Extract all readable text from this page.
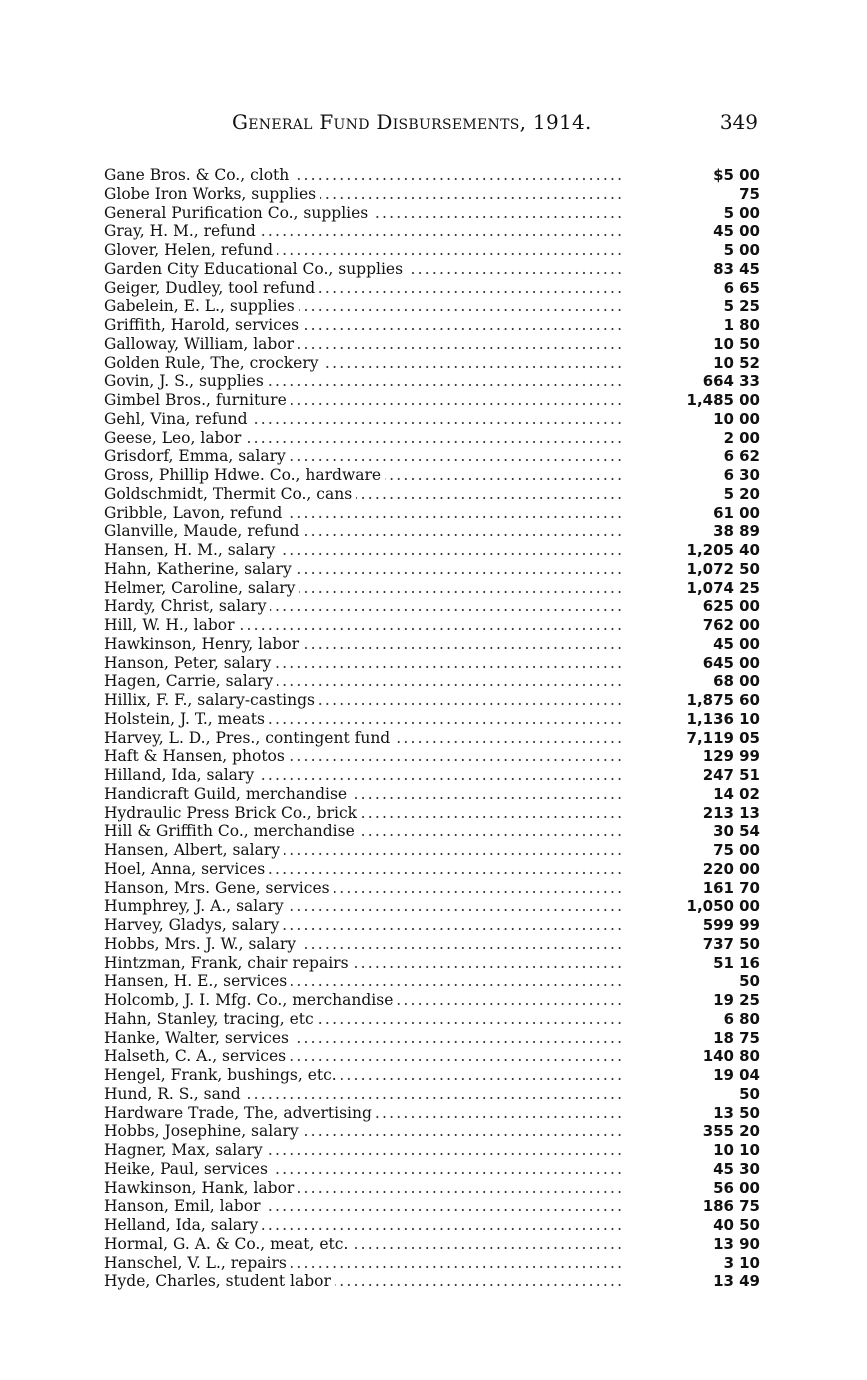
General Fund Disbursements, 1914.	349
Gane Bros. & Co., cloth .....	$5 00
Globe Iron Works, supplies .....	75
General Purification Co., supplies .....	5 00
Gray, H. M., refund .....	45 00
Glover, Helen, refund .....	5 00
Garden City Educational Co., supplies .....	83 45
Geiger, Dudley, tool refund .....	6 65
Gabelein, E. L., supplies .....	5 25
Griffith, Harold, services .....	1 80
Galloway, William, labor .....	10 50
Golden Rule, The, crockery .....	10 52
Govin, J. S., supplies .....	664 33
Gimbel Bros., furniture .....	1,485 00
Gehl, Vina, refund .....	10 00
Geese, Leo, labor .....	2 00
Grisdorf, Emma, salary .....	6 62
Gross, Phillip Hdwe. Co., hardware .....	6 30
Goldschmidt, Thermit Co., cans .....	5 20
Gribble, Lavon, refund .....	61 00
Glanville, Maude, refund .....	38 89
Hansen, H. M., salary .....	1,205 40
Hahn, Katherine, salary .....	1,072 50
Helmer, Caroline, salary .....	1,074 25
Hardy, Christ, salary .....	625 00
Hill, W. H., labor .....	762 00
Hawkinson, Henry, labor .....	45 00
Hanson, Peter, salary .....	645 00
Hagen, Carrie, salary .....	68 00
Hillix, F. F., salary-castings .....	1,875 60
Holstein, J. T., meats .....	1,136 10
Harvey, L. D., Pres., contingent fund .....	7,119 05
Haft & Hansen, photos .....	129 99
Hilland, Ida, salary .....	247 51
Handicraft Guild, merchandise .....	14 02
Hydraulic Press Brick Co., brick .....	213 13
Hill & Griffith Co., merchandise .....	30 54
Hansen, Albert, salary .....	75 00
Hoel, Anna, services .....	220 00
Hanson, Mrs. Gene, services .....	161 70
Humphrey, J. A., salary .....	1,050 00
Harvey, Gladys, salary .....	599 99
Hobbs, Mrs. J. W., salary .....	737 50
Hintzman, Frank, chair repairs .....	51 16
Hansen, H. E., services .....	50
Holcomb, J. I. Mfg. Co., merchandise .....	19 25
Hahn, Stanley, tracing, etc .....	6 80
Hanke, Walter, services .....	18 75
Halseth, C. A., services .....	140 80
Hengel, Frank, bushings, etc. .....	19 04
Hund, R. S., sand .....	50
Hardware Trade, The, advertising .....	13 50
Hobbs, Josephine, salary .....	355 20
Hagner, Max, salary .....	10 10
Heike, Paul, services .....	45 30
Hawkinson, Hank, labor .....	56 00
Hanson, Emil, labor .....	186 75
Helland, Ida, salary .....	40 50
Hormal, G. A. & Co., meat, etc. .....	13 90
Hanschel, V. L., repairs .....	3 10
Hyde, Charles, student labor .....	13 49
